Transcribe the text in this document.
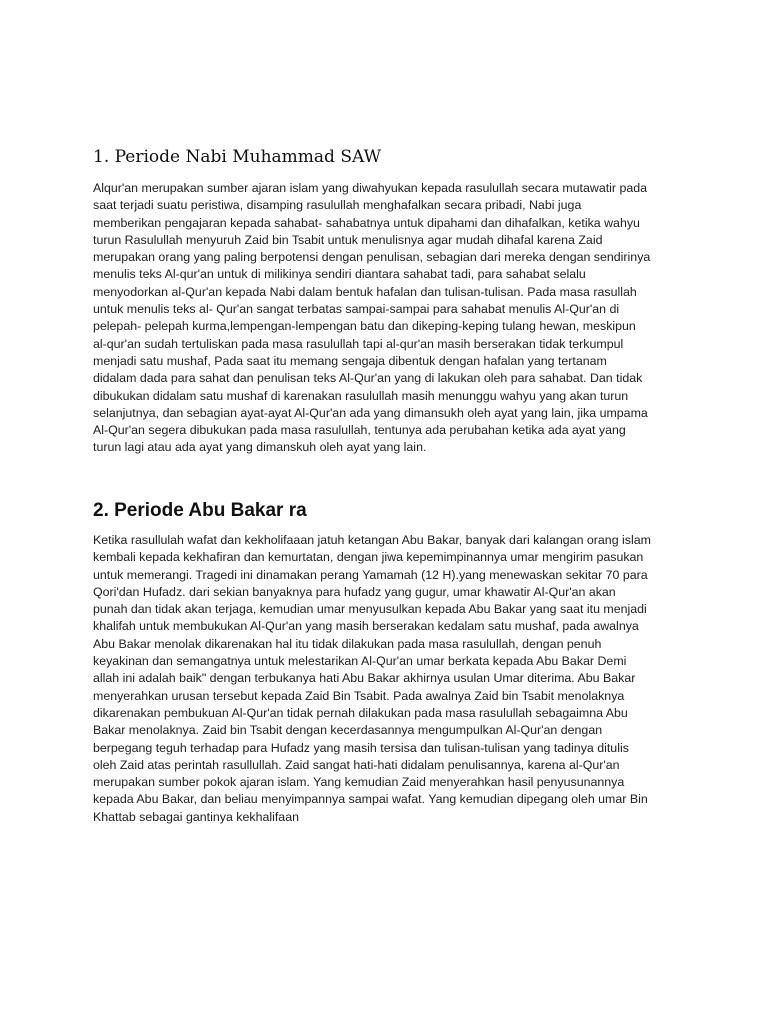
1. Periode Nabi Muhammad SAW

Alqur'an merupakan sumber ajaran islam yang diwahyukan kepada rasulullah secara mutawatir pada
saat terjadi suatu peristiwa, disamping rasulullah menghafalkan secara pribadi, Nabi juga
memberikan pengajaran kepada sahabat- sahabatnya untuk dipahami dan dihafalkan, ketika wahyu
turun Rasulullah menyuruh Zaid bin Tsabit untuk menulisnya agar mudah dihafal karena Zaid
merupakan orang yang paling berpotensi dengan penulisan, sebagian dari mereka dengan sendirinya
menulis teks Al-qur'an untuk di milikinya sendiri diantara sahabat tadi, para sahabat selalu
menyodorkan al-Qur'an kepada Nabi dalam bentuk hafalan dan tulisan-tulisan. Pada masa rasullah
untuk menulis teks al- Qur'an sangat terbatas sampai-sampai para sahabat menulis Al-Qur'an di
pelepah- pelepah kurma,lempengan-lempengan batu dan dikeping-keping tulang hewan, meskipun
al-qur'an sudah tertuliskan pada masa rasulullah tapi al-qur'an masih berserakan tidak terkumpul
menjadi satu mushaf, Pada saat itu memang sengaja dibentuk dengan hafalan yang tertanam
didalam dada para sahat dan penulisan teks Al-Qur'an yang di lakukan oleh para sahabat. Dan tidak
dibukukan didalam satu mushaf di karenakan rasulullah masih menunggu wahyu yang akan turun
selanjutnya, dan sebagian ayat-ayat Al-Qur'an ada yang dimansukh oleh ayat yang lain, jika umpama
Al-Qur'an segera dibukukan pada masa rasulullah, tentunya ada perubahan ketika ada ayat yang
turun lagi atau ada ayat yang dimanskuh oleh ayat yang lain.

2. Periode Abu Bakar ra

Ketika rasullulah wafat dan kekholifaaan jatuh ketangan Abu Bakar, banyak dari kalangan orang islam
kembali kepada kekhafiran dan kemurtatan, dengan jiwa kepemimpinannya umar mengirim pasukan
untuk memerangi. Tragedi ini dinamakan perang Yamamah (12 H).yang menewaskan sekitar 70 para
Qori'dan Hufadz. dari sekian banyaknya para hufadz yang gugur, umar khawatir Al-Qur'an akan
punah dan tidak akan terjaga, kemudian umar menyusulkan kepada Abu Bakar yang saat itu menjadi
khalifah untuk membukukan Al-Qur'an yang masih berserakan kedalam satu mushaf, pada awalnya
Abu Bakar menolak dikarenakan hal itu tidak dilakukan pada masa rasulullah, dengan penuh
keyakinan dan semangatnya untuk melestarikan Al-Qur'an umar berkata kepada Abu Bakar Demi
allah ini adalah baik" dengan terbukanya hati Abu Bakar akhirnya usulan Umar diterima. Abu Bakar
menyerahkan urusan tersebut kepada Zaid Bin Tsabit. Pada awalnya Zaid bin Tsabit menolaknya
dikarenakan pembukuan Al-Qur'an tidak pernah dilakukan pada masa rasulullah sebagaimna Abu
Bakar menolaknya. Zaid bin Tsabit dengan kecerdasannya mengumpulkan Al-Qur'an dengan
berpegang teguh terhadap para Hufadz yang masih tersisa dan tulisan-tulisan yang tadinya ditulis
oleh Zaid atas perintah rasullullah. Zaid sangat hati-hati didalam penulisannya, karena al-Qur'an
merupakan sumber pokok ajaran islam. Yang kemudian Zaid menyerahkan hasil penyusunannya
kepada Abu Bakar, dan beliau menyimpannya sampai wafat. Yang kemudian dipegang oleh umar Bin
Khattab sebagai gantinya kekhalifaan
